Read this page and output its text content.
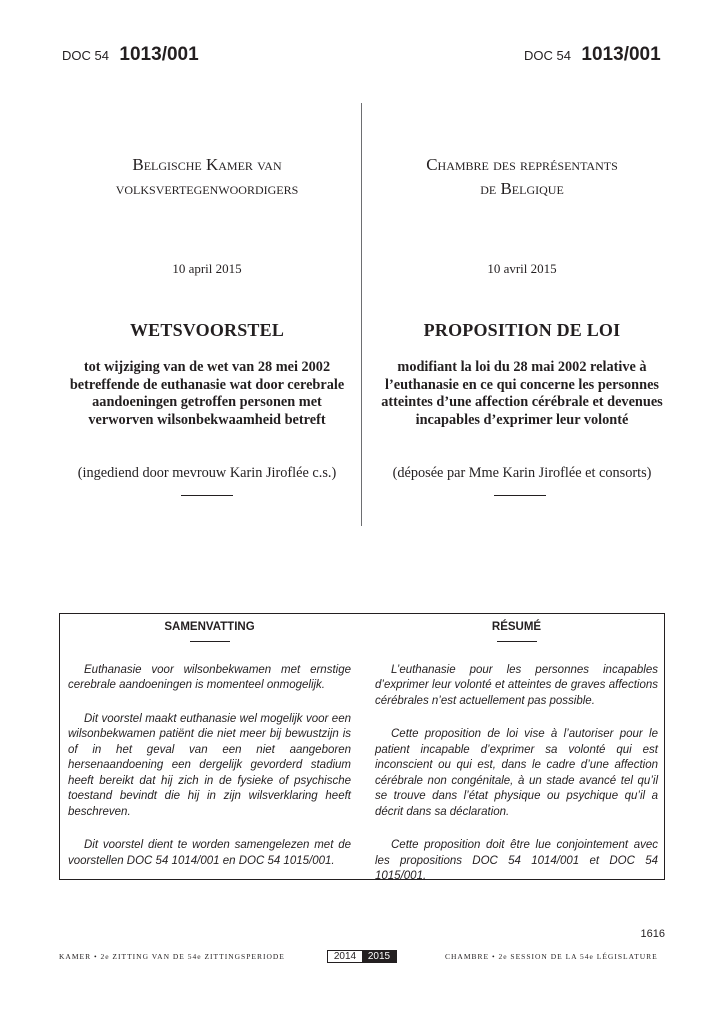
DOC 54 1013/001	DOC 54 1013/001
Belgische Kamer van
volksvertegenwoordigers
10 april 2015
WETSVOORSTEL
tot wijziging van de wet van 28 mei 2002 betreffende de euthanasie wat door cerebrale aandoeningen getroffen personen met verworven wilsonbekwaamheid betreft
(ingediend door mevrouw Karin Jiroflée c.s.)
Chambre des représentants
de Belgique
10 avril 2015
PROPOSITION DE LOI
modifiant la loi du 28 mai 2002 relative à l’euthanasie en ce qui concerne les personnes atteintes d’une affection cérébrale et devenues incapables d’exprimer leur volonté
(déposée par Mme Karin Jiroflée et consorts)
SAMENVATTING

Euthanasie voor wilsonbekwamen met ernstige cerebrale aandoeningen is momenteel onmogelijk.

Dit voorstel maakt euthanasie wel mogelijk voor een wilsonbekwamen patiënt die niet meer bij bewustzijn is of in het geval van een niet aangeboren hersenaandoening een dergelijk gevorderd stadium heeft bereikt dat hij zich in de fysieke of psychische toestand bevindt die hij in zijn wilsverklaring heeft beschreven.

Dit voorstel dient te worden samengelezen met de voorstellen DOC 54 1014/001 en DOC 54 1015/001.

RÉSUMÉ

L’euthanasie pour les personnes incapables d’exprimer leur volonté et atteintes de graves affections cérébrales n’est actuellement pas possible.

Cette proposition de loi vise à l’autoriser pour le patient incapable d’exprimer sa volonté qui est inconscient ou qui est, dans le cadre d’une affection cérébrale non congénitale, à un stade avancé tel qu’il se trouve dans l’état physique ou psychique qu’il a décrit dans sa déclaration.

Cette proposition doit être lue conjointement avec les propositions DOC 54 1014/001 et DOC 54 1015/001.

1616
KAMER • 2e ZITTING VAN DE 54e ZITTINGSPERIODE	2014	2015	CHAMBRE • 2e SESSION DE LA 54e LÉGISLATURE
